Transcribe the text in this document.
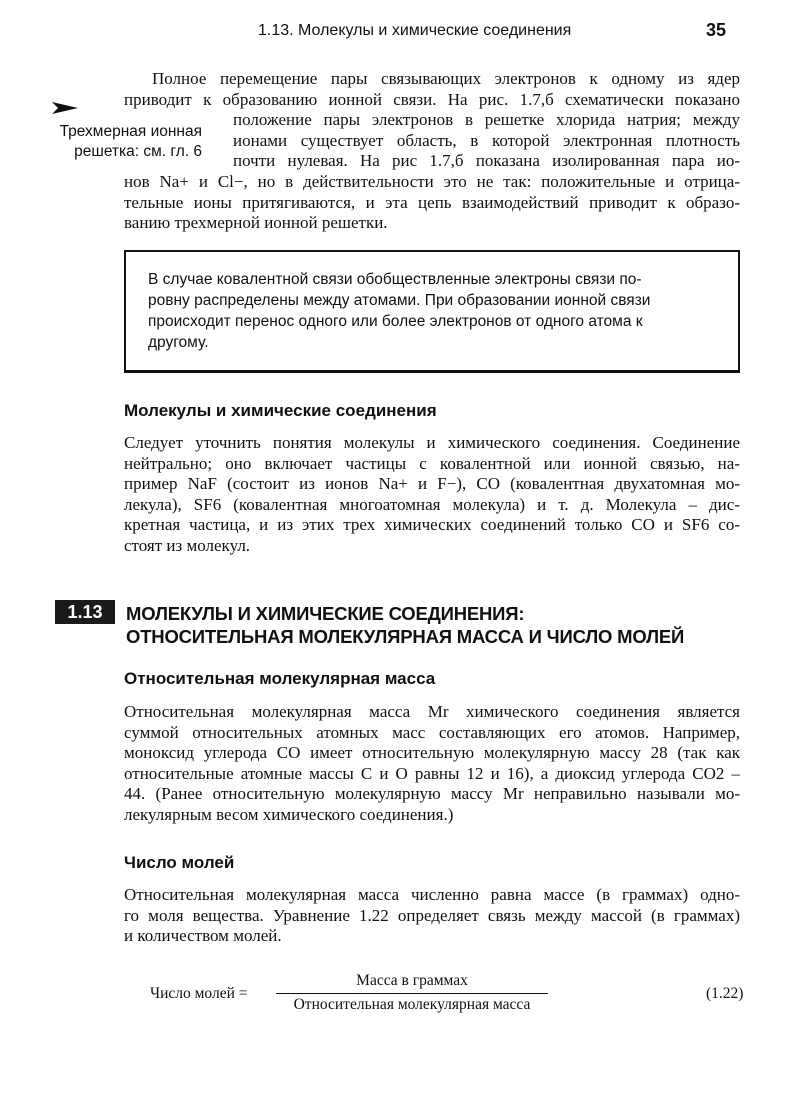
1.13. Молекулы и химические соединения	35
Трехмерная ионная
решетка: см. гл. 6
Полное перемещение пары связывающих электронов к одному из ядер
приводит к образованию ионной связи. На рис. 1.7,б схематически показано
положение пары электронов в решетке хлорида натрия; между
ионами существует область, в которой электронная плотность
почти нулевая. На рис 1.7,б показана изолированная пара ио-
нов Na+ и Cl−, но в действительности это не так: положительные и отрица-
тельные ионы притягиваются, и эта цепь взаимодействий приводит к образо-
ванию трехмерной ионной решетки.
В случае ковалентной связи обобществленные электроны связи по-
ровну распределены между атомами. При образовании ионной связи
происходит перенос одного или более электронов от одного атома к
другому.
Молекулы и химические соединения
Следует уточнить понятия молекулы и химического соединения. Соединение
нейтрально; оно включает частицы с ковалентной или ионной связью, на-
пример NaF (состоит из ионов Na+ и F−), CO (ковалентная двухатомная мо-
лекула), SF6 (ковалентная многоатомная молекула) и т. д. Молекула – дис-
кретная частица, и из этих трех химических соединений только CO и SF6 со-
стоят из молекул.
1.13	МОЛЕКУЛЫ И ХИМИЧЕСКИЕ СОЕДИНЕНИЯ:
ОТНОСИТЕЛЬНАЯ МОЛЕКУЛЯРНАЯ МАССА И ЧИСЛО МОЛЕЙ
Относительная молекулярная масса
Относительная молекулярная масса Mr химического соединения является
суммой относительных атомных масс составляющих его атомов. Например,
моноксид углерода CO имеет относительную молекулярную массу 28 (так как
относительные атомные массы C и O равны 12 и 16), а диоксид углерода CO2 –
44. (Ранее относительную молекулярную массу Mr неправильно называли мо-
лекулярным весом химического соединения.)
Число молей
Относительная молекулярная масса численно равна массе (в граммах) одно-
го моля вещества. Уравнение 1.22 определяет связь между массой (в граммах)
и количеством молей.
Число молей =
Масса в граммах
Относительная молекулярная масса
(1.22)
